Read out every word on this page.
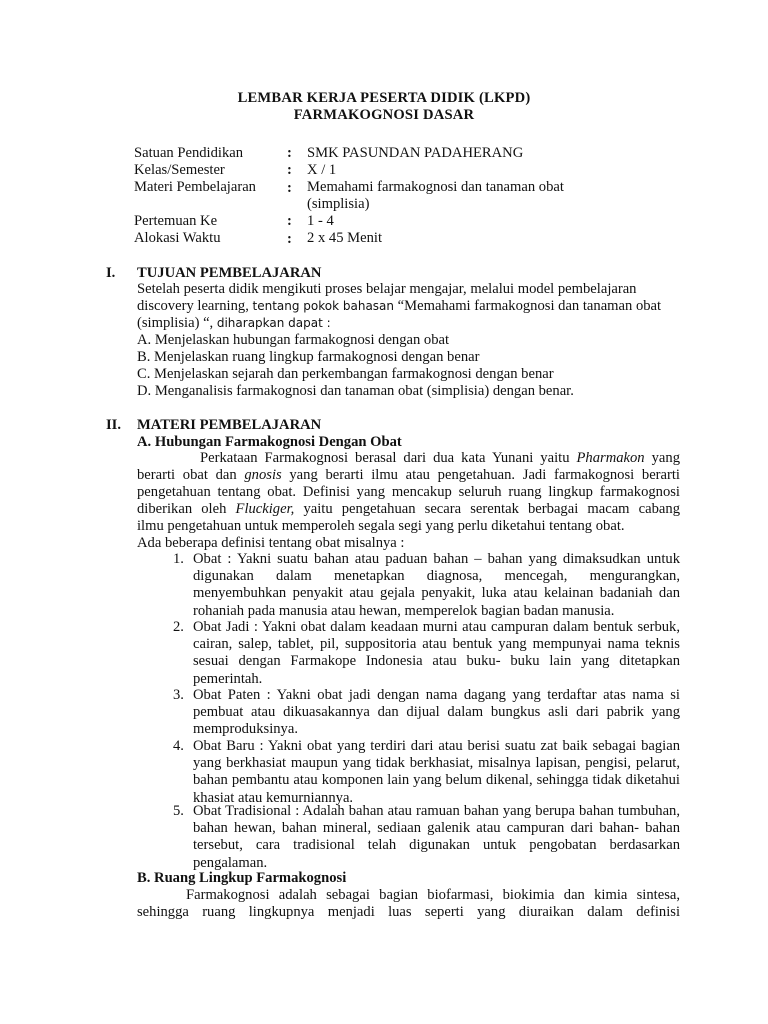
LEMBAR KERJA PESERTA DIDIK (LKPD)
FARMAKOGNOSI DASAR
Satuan Pendidikan	: SMK PASUNDAN PADAHERANG
Kelas/Semester	: X / 1
Materi Pembelajaran : Memahami farmakognosi dan tanaman obat
(simplisia)
Pertemuan Ke	: 1 - 4
Alokasi Waktu	: 2 x 45 Menit
I. TUJUAN PEMBELAJARAN
Setelah peserta didik mengikuti proses belajar mengajar, melalui model pembelajaran
discovery learning, tentang pokok bahasan “Memahami farmakognosi dan tanaman obat
(simplisia) “, diharapkan dapat :
A. Menjelaskan hubungan farmakognosi dengan obat
B. Menjelaskan ruang lingkup farmakognosi dengan benar
C. Menjelaskan sejarah dan perkembangan farmakognosi dengan benar
D. Menganalisis farmakognosi dan tanaman obat (simplisia) dengan benar.
II. MATERI PEMBELAJARAN
A. Hubungan Farmakognosi Dengan Obat
Perkataan Farmakognosi berasal dari dua kata Yunani yaitu Pharmakon yang
berarti obat dan gnosis yang berarti ilmu atau pengetahuan. Jadi farmakognosi berarti
pengetahuan tentang obat. Definisi yang mencakup seluruh ruang lingkup farmakognosi
diberikan oleh Fluckiger, yaitu pengetahuan secara serentak berbagai macam cabang
ilmu pengetahuan untuk memperoleh segala segi yang perlu diketahui tentang obat.
Ada beberapa definisi tentang obat misalnya :
1. Obat : Yakni suatu bahan atau paduan bahan – bahan yang dimaksudkan untuk digunakan dalam menetapkan diagnosa, mencegah, mengurangkan, menyembuhkan penyakit atau gejala penyakit, luka atau kelainan badaniah dan rohaniah pada manusia atau hewan, memperelok bagian badan manusia.
2. Obat Jadi : Yakni obat dalam keadaan murni atau campuran dalam bentuk serbuk, cairan, salep, tablet, pil, suppositoria atau bentuk yang mempunyai nama teknis sesuai dengan Farmakope Indonesia atau buku- buku lain yang ditetapkan pemerintah.
3. Obat Paten : Yakni obat jadi dengan nama dagang yang terdaftar atas nama si pembuat atau dikuasakannya dan dijual dalam bungkus asli dari pabrik yang memproduksinya.
4. Obat Baru : Yakni obat yang terdiri dari atau berisi suatu zat baik sebagai bagian yang berkhasiat maupun yang tidak berkhasiat, misalnya lapisan, pengisi, pelarut, bahan pembantu atau komponen lain yang belum dikenal, sehingga tidak diketahui khasiat atau kemurniannya.
5. Obat Tradisional : Adalah bahan atau ramuan bahan yang berupa bahan tumbuhan, bahan hewan, bahan mineral, sediaan galenik atau campuran dari bahan- bahan tersebut, cara tradisional telah digunakan untuk pengobatan berdasarkan pengalaman.
B. Ruang Lingkup Farmakognosi
Farmakognosi adalah sebagai bagian biofarmasi, biokimia dan kimia sintesa,
sehingga ruang lingkupnya menjadi luas seperti yang diuraikan dalam definisi
